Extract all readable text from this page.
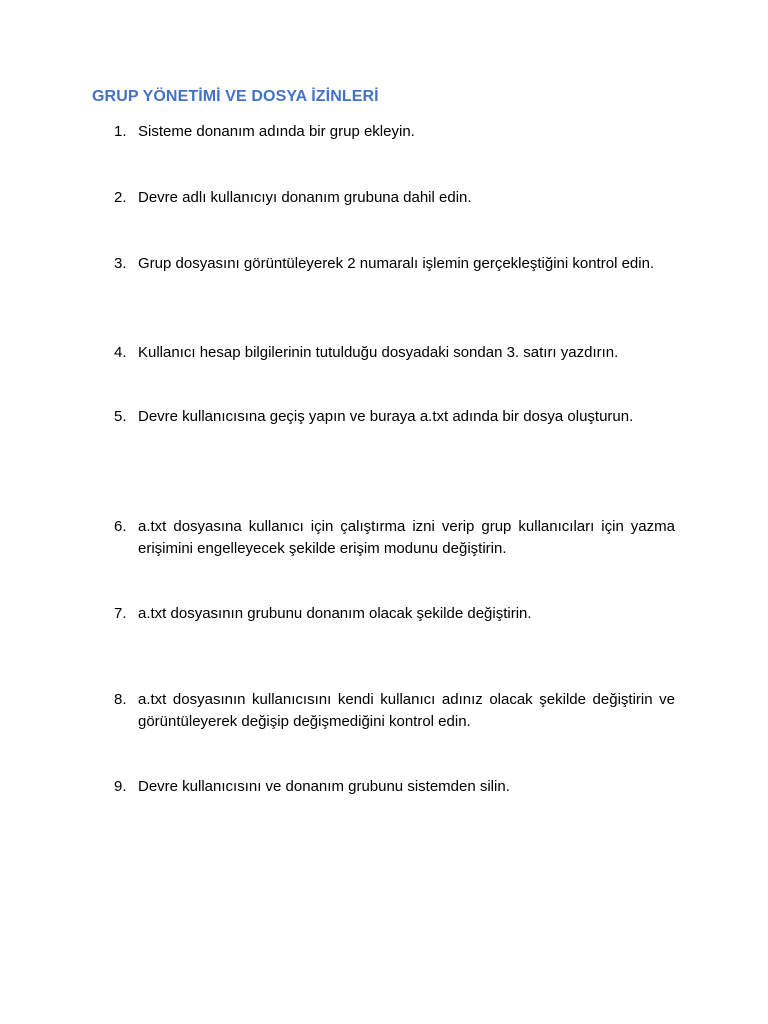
GRUP YÖNETİMİ VE DOSYA İZİNLERİ
1. Sisteme donanım adında bir grup ekleyin.
2. Devre adlı kullanıcıyı donanım grubuna dahil edin.
3. Grup dosyasını görüntüleyerek 2 numaralı işlemin gerçekleştiğini kontrol edin.
4. Kullanıcı hesap bilgilerinin tutulduğu dosyadaki sondan 3. satırı yazdırın.
5. Devre kullanıcısına geçiş yapın ve buraya a.txt adında bir dosya oluşturun.
6. a.txt dosyasına kullanıcı için çalıştırma izni verip grup kullanıcıları için yazma erişimini engelleyecek şekilde erişim modunu değiştirin.
7. a.txt dosyasının grubunu donanım olacak şekilde değiştirin.
8. a.txt dosyasının kullanıcısını kendi kullanıcı adınız olacak şekilde değiştirin ve görüntüleyerek değişip değişmediğini kontrol edin.
9. Devre kullanıcısını ve donanım grubunu sistemden silin.
